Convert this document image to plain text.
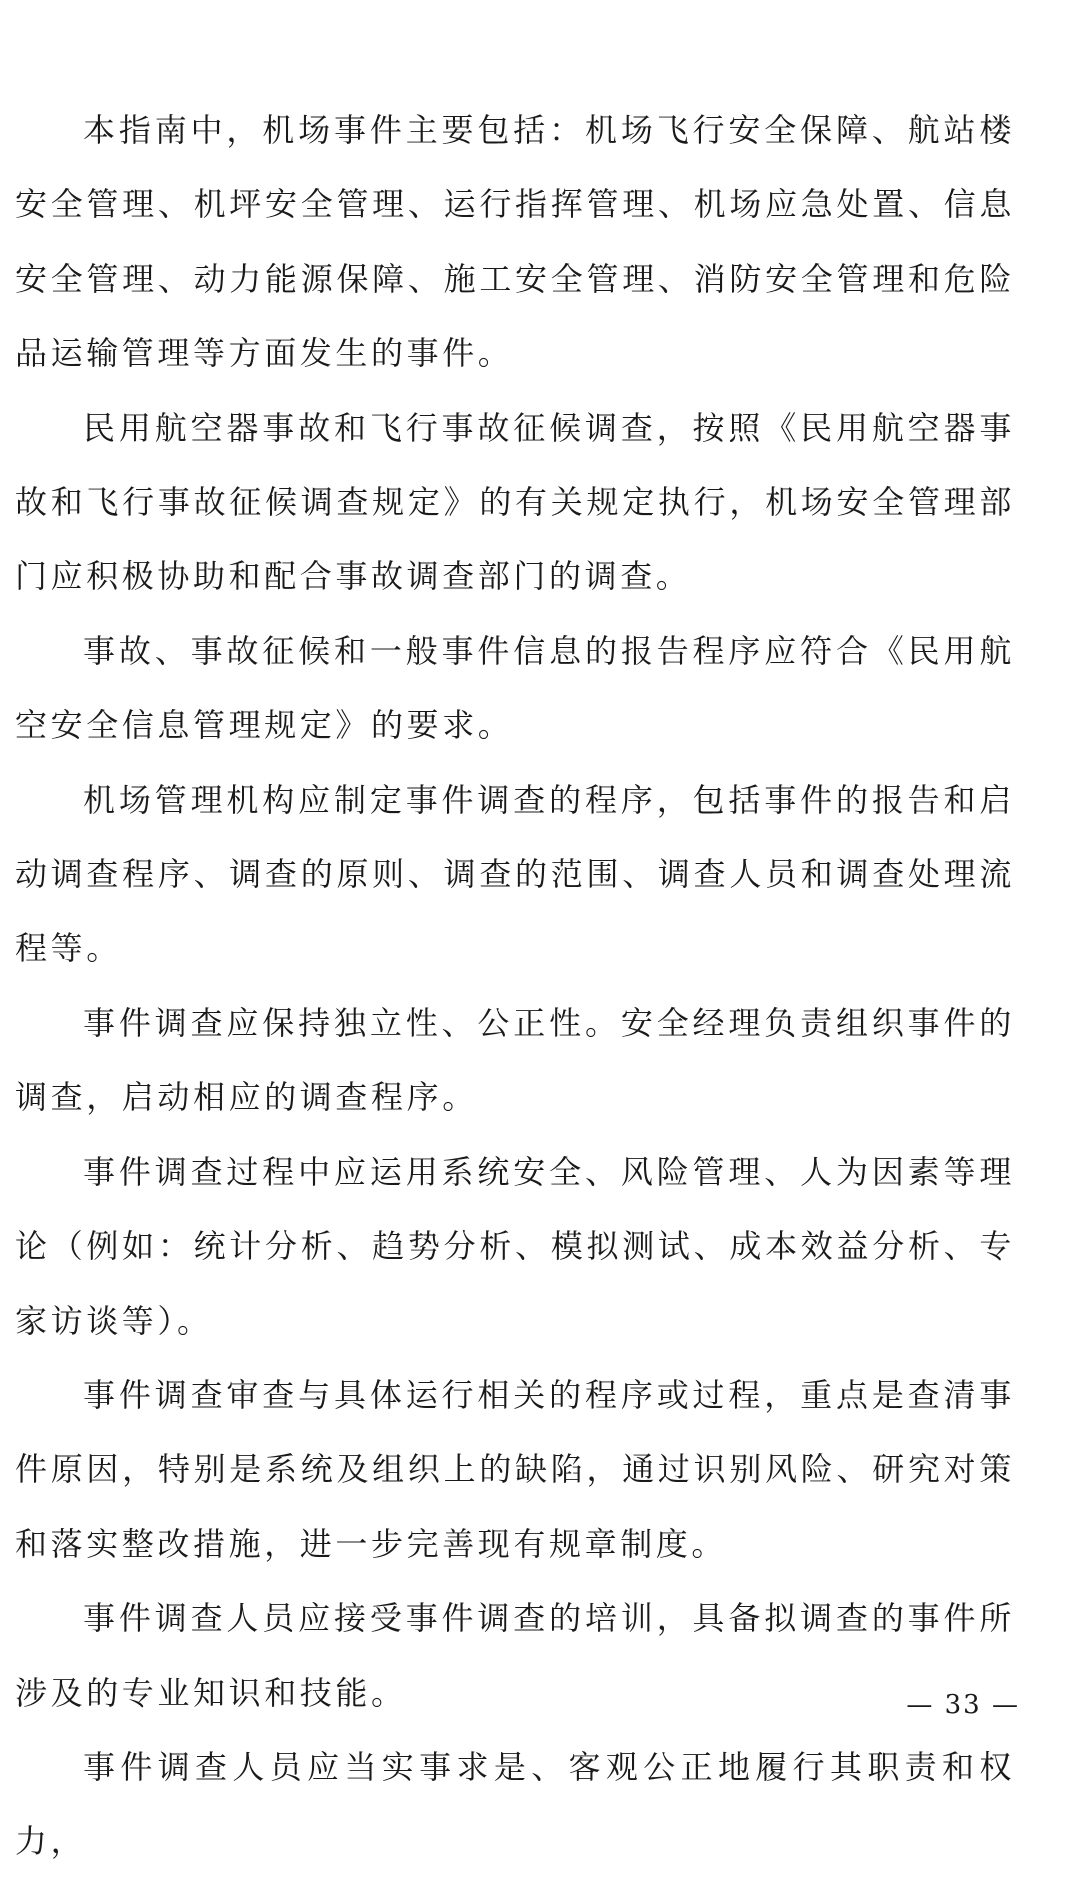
本指南中，机场事件主要包括：机场飞行安全保障、航站楼安全管理、机坪安全管理、运行指挥管理、机场应急处置、信息安全管理、动力能源保障、施工安全管理、消防安全管理和危险品运输管理等方面发生的事件。

民用航空器事故和飞行事故征候调查，按照《民用航空器事故和飞行事故征候调查规定》的有关规定执行，机场安全管理部门应积极协助和配合事故调查部门的调查。

事故、事故征候和一般事件信息的报告程序应符合《民用航空安全信息管理规定》的要求。

机场管理机构应制定事件调查的程序，包括事件的报告和启动调查程序、调查的原则、调查的范围、调查人员和调查处理流程等。

事件调查应保持独立性、公正性。安全经理负责组织事件的调查，启动相应的调查程序。

事件调查过程中应运用系统安全、风险管理、人为因素等理论（例如：统计分析、趋势分析、模拟测试、成本效益分析、专家访谈等）。

事件调查审查与具体运行相关的程序或过程，重点是查清事件原因，特别是系统及组织上的缺陷，通过识别风险、研究对策和落实整改措施，进一步完善现有规章制度。

事件调查人员应接受事件调查的培训，具备拟调查的事件所涉及的专业知识和技能。

事件调查人员应当实事求是、客观公正地履行其职责和权力，

— 33 —
